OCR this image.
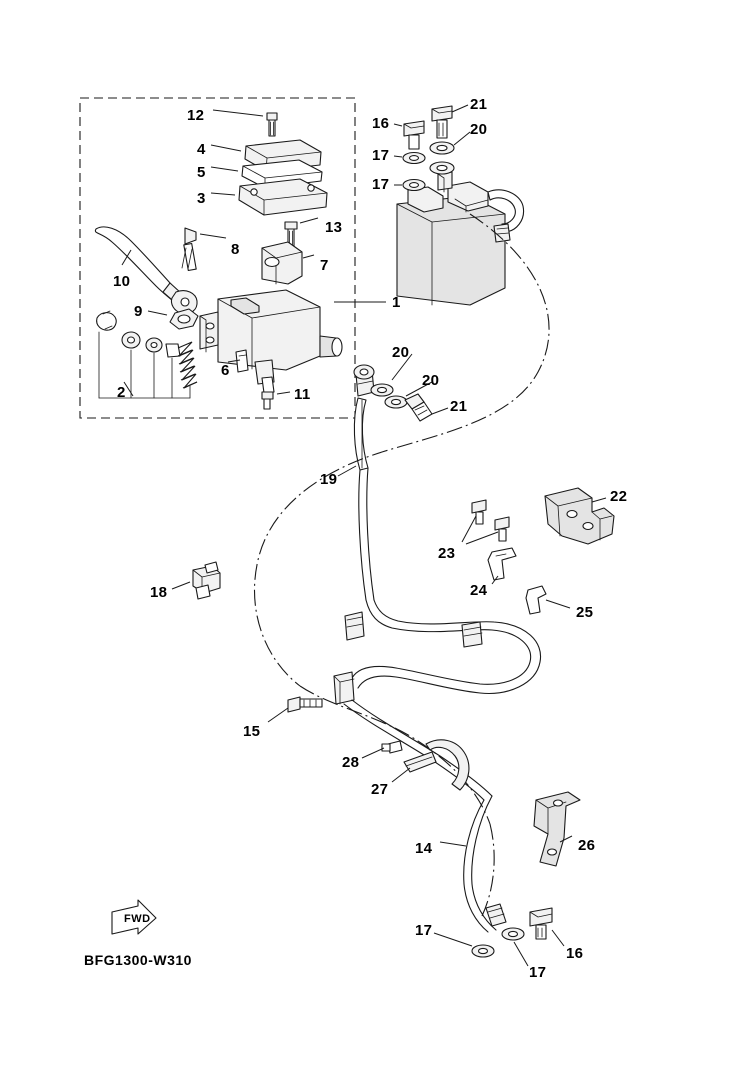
12
4
5
3
13
8
7
10
9
1
2
6
11
16
21
20
17
17
20
20
21
19
22
23
24
25
18
15
28
27
14	26
17
16
17
FWD
BFG1300-W310
